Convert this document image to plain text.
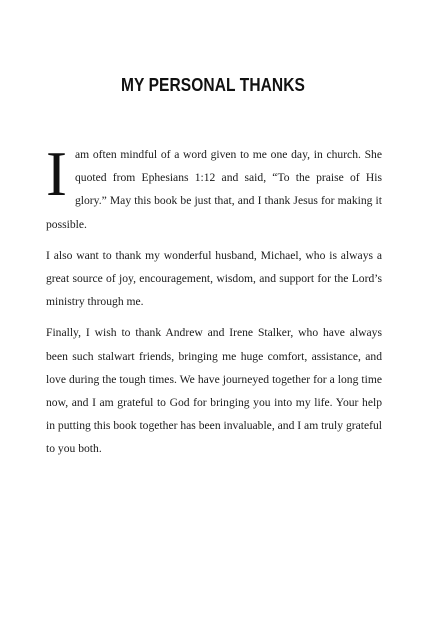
MY PERSONAL THANKS

I am often mindful of a word given to me one day, in church. She quoted from Ephesians 1:12 and said, “To the praise of His glory.” May this book be just that, and I thank Jesus for making it possible.

I also want to thank my wonderful husband, Michael, who is always a great source of joy, encouragement, wisdom, and support for the Lord’s ministry through me.

Finally, I wish to thank Andrew and Irene Stalker, who have always been such stalwart friends, bringing me huge comfort, assistance, and love during the tough times. We have journeyed together for a long time now, and I am grateful to God for bringing you into my life. Your help in putting this book together has been invaluable, and I am truly grateful to you both.
